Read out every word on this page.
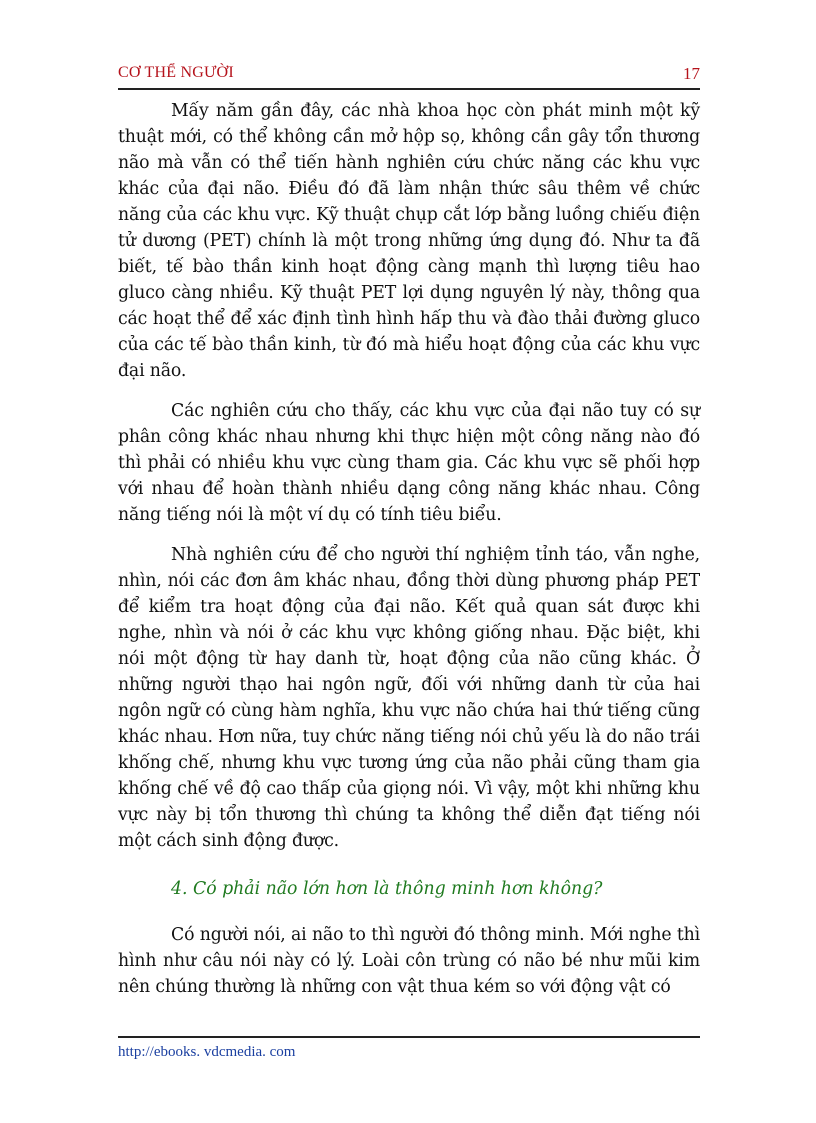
CƠ THỂ NGƯỜI	17

Mấy năm gần đây, các nhà khoa học còn phát minh một kỹ thuật mới, có thể không cần mở hộp sọ, không cần gây tổn thương não mà vẫn có thể tiến hành nghiên cứu chức năng các khu vực khác của đại não. Điều đó đã làm nhận thức sâu thêm về chức năng của các khu vực. Kỹ thuật chụp cắt lớp bằng luồng chiếu điện tử dương (PET) chính là một trong những ứng dụng đó. Như ta đã biết, tế bào thần kinh hoạt động càng mạnh thì lượng tiêu hao gluco càng nhiều. Kỹ thuật PET lợi dụng nguyên lý này, thông qua các hoạt thể để xác định tình hình hấp thu và đào thải đường gluco của các tế bào thần kinh, từ đó mà hiểu hoạt động của các khu vực đại não.

Các nghiên cứu cho thấy, các khu vực của đại não tuy có sự phân công khác nhau nhưng khi thực hiện một công năng nào đó thì phải có nhiều khu vực cùng tham gia. Các khu vực sẽ phối hợp với nhau để hoàn thành nhiều dạng công năng khác nhau. Công năng tiếng nói là một ví dụ có tính tiêu biểu.

Nhà nghiên cứu để cho người thí nghiệm tỉnh táo, vẫn nghe, nhìn, nói các đơn âm khác nhau, đồng thời dùng phương pháp PET để kiểm tra hoạt động của đại não. Kết quả quan sát được khi nghe, nhìn và nói ở các khu vực không giống nhau. Đặc biệt, khi nói một động từ hay danh từ, hoạt động của não cũng khác. Ở những người thạo hai ngôn ngữ, đối với những danh từ của hai ngôn ngữ có cùng hàm nghĩa, khu vực não chứa hai thứ tiếng cũng khác nhau. Hơn nữa, tuy chức năng tiếng nói chủ yếu là do não trái khống chế, nhưng khu vực tương ứng của não phải cũng tham gia khống chế về độ cao thấp của giọng nói. Vì vậy, một khi những khu vực này bị tổn thương thì chúng ta không thể diễn đạt tiếng nói một cách sinh động được.

4. Có phải não lớn hơn là thông minh hơn không?

Có người nói, ai não to thì người đó thông minh. Mới nghe thì hình như câu nói này có lý. Loài côn trùng có não bé như mũi kim nên chúng thường là những con vật thua kém so với động vật có

http://ebooks. vdcmedia. com
